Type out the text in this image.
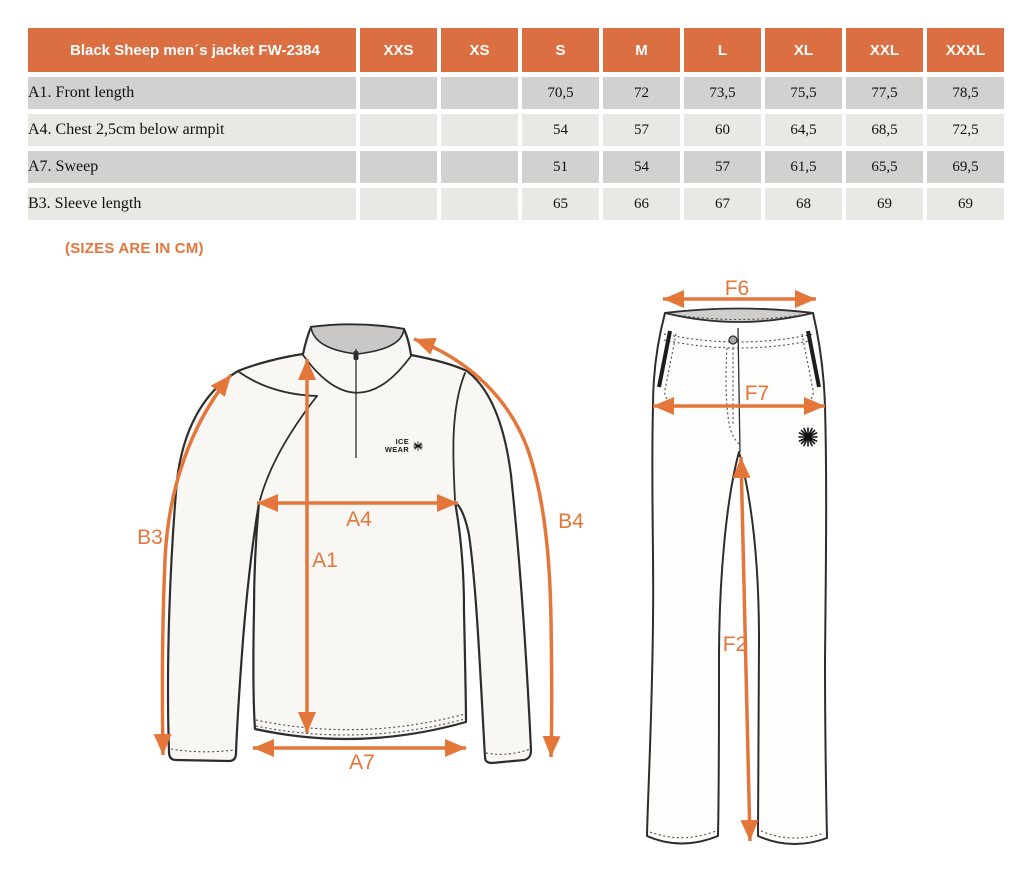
Black Sheep men´s jacket FW-2384	XXS	XS	S	M	L	XL	XXL	XXXL
A1. Front length			70,5	72	73,5	75,5	77,5	78,5
A4. Chest 2,5cm below armpit			54	57	60	64,5	68,5	72,5
A7. Sweep			51	54	57	61,5	65,5	69,5
B3. Sleeve length			65	66	67	68	69	69
(SIZES ARE IN CM)
ICE
WEAR
A1
A4
A7
B3
B4
F6
F7
F2
